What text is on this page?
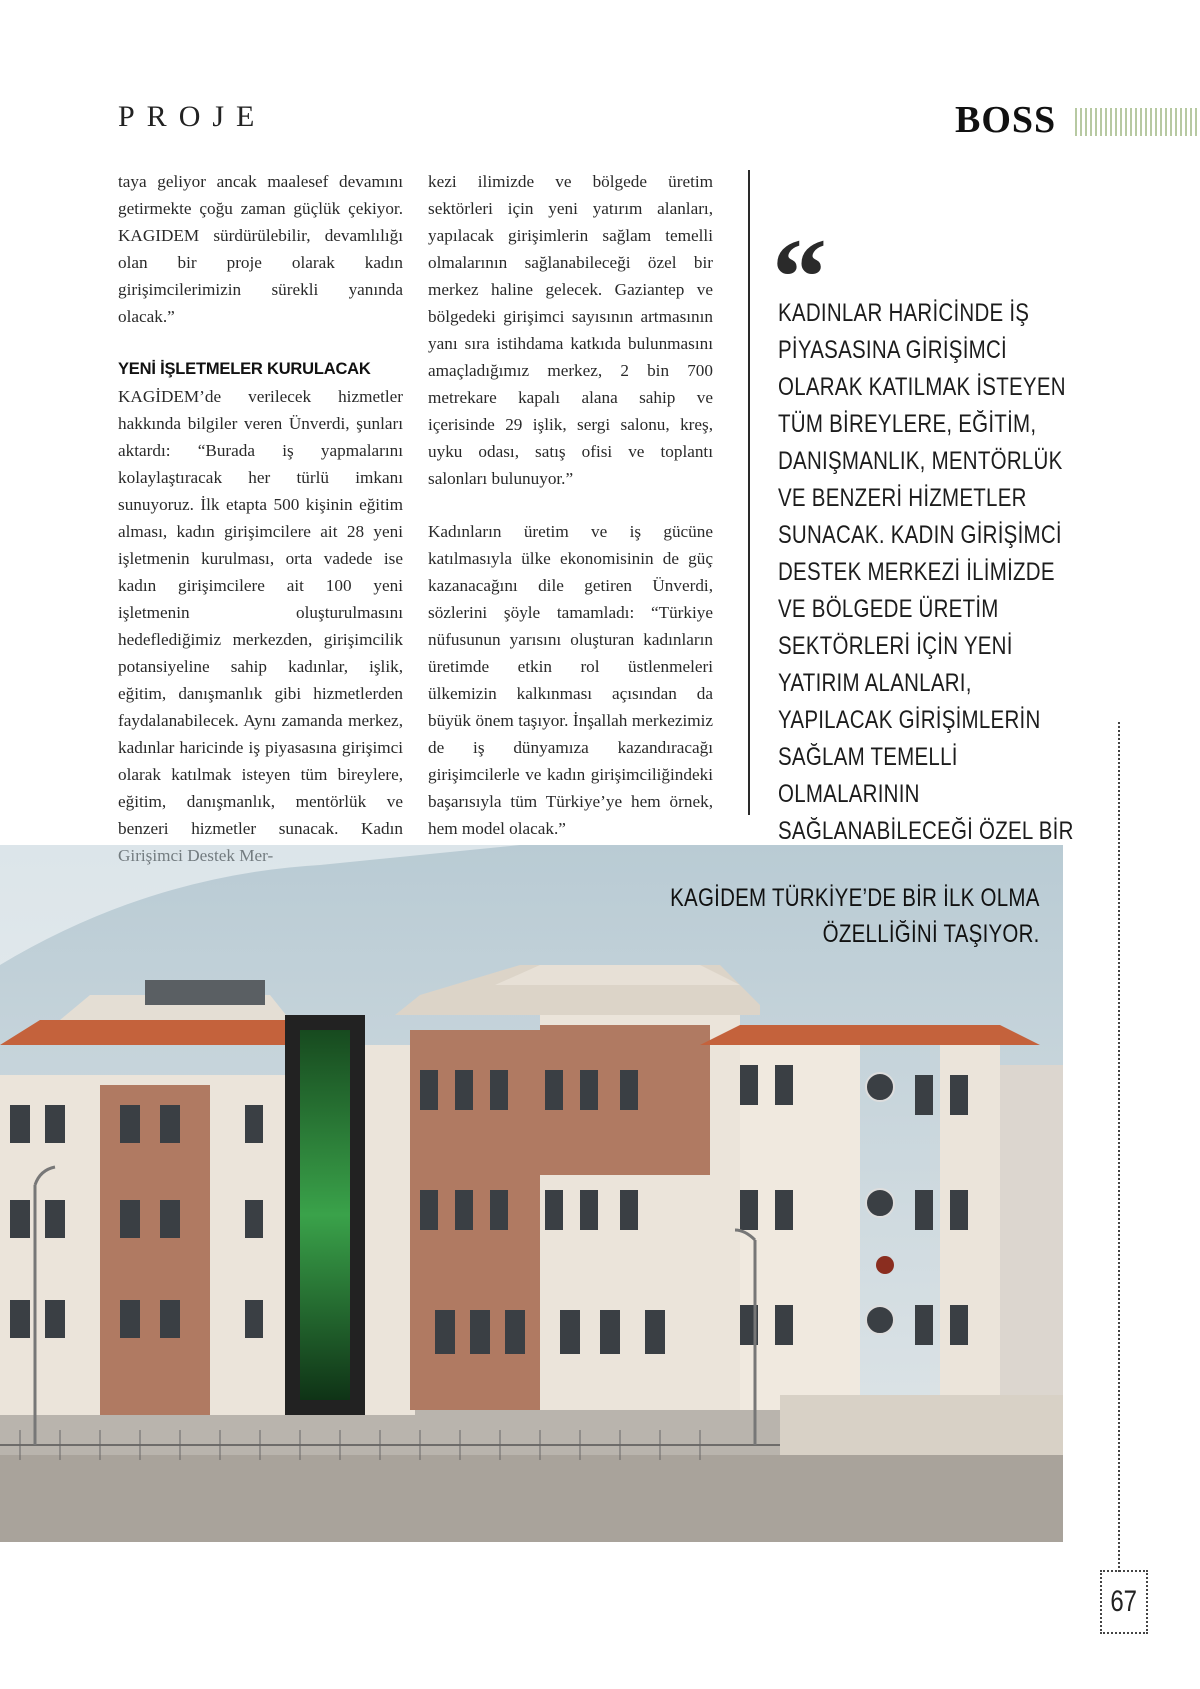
PROJE	BOSS

taya geliyor ancak maalesef devamını getirmekte çoğu zaman güçlük çekiyor. KAGIDEM sürdürülebilir, devamlılığı olan bir proje olarak kadın girişimcilerimizin sürekli yanında olacak.”

YENİ İŞLETMELER KURULACAK

KAGİDEM’de verilecek hizmetler hakkında bilgiler veren Ünverdi, şunları aktardı: “Burada iş yapmalarını kolaylaştıracak her türlü imkanı sunuyoruz. İlk etapta 500 kişinin eğitim alması, kadın girişimcilere ait 28 yeni işletmenin kurulması, orta vadede ise kadın girişimcilere ait 100 yeni işletmenin oluşturulmasını hedeflediğimiz merkezden, girişimcilik potansiyeline sahip kadınlar, işlik, eğitim, danışmanlık gibi hizmetlerden faydalanabilecek. Aynı zamanda merkez, kadınlar haricinde iş piyasasına girişimci olarak katılmak isteyen tüm bireylere, eğitim, danışmanlık, mentörlük ve benzeri hizmetler sunacak. Kadın

kezi ilimizde ve bölgede üretim sektörleri için yeni yatırım alanları, yapılacak girişimlerin sağlam temelli olmalarının sağlanabileceği özel bir merkez haline gelecek. Gaziantep ve bölgedeki girişimci sayısının artmasının yanı sıra istihdama katkıda bulunmasını amaçladığımız merkez, 2 bin 700 metrekare kapalı alana sahip ve içerisinde 29 işlik, sergi salonu, kreş, uyku odası, satış ofisi ve toplantı salonları bulunuyor.”

Kadınların üretim ve iş gücüne katılmasıyla ülke ekonomisinin de güç kazanacağını dile getiren Ünverdi, sözlerini şöyle tamamladı: “Türkiye nüfusunun yarısını oluşturan kadınların üretimde etkin rol üstlenmeleri ülkemizin kalkınması açısından da büyük önem taşıyor. İnşallah merkezimiz de iş dünyamıza kazandıracağı girişimcilerle ve kadın girişimciliğindeki başarısıyla tüm Türkiye’ye hem örnek, hem model olacak.”

“
KADINLAR HARİCİNDE İŞ PİYASASINA GİRİŞİMCİ OLARAK KATILMAK İSTEYEN TÜM BİREYLERE, EĞİTİM, DANIŞMANLIK, MENTÖRLÜK VE BENZERİ HİZMETLER SUNACAK. KADIN GİRİŞİMCİ DESTEK MERKEZİ İLİMİZDE VE BÖLGEDE ÜRETİM SEKTÖRLERİ İÇİN YENİ YATIRIM ALANLARI, YAPILACAK GİRİŞİMLERİN SAĞLAM TEMELLİ OLMALARININ SAĞLANABİLECEĞİ ÖZEL BİR
KAGİDEM TÜRKİYE’DE BİR İLK OLMA
ÖZELLİĞİNİ TAŞIYOR.
67
